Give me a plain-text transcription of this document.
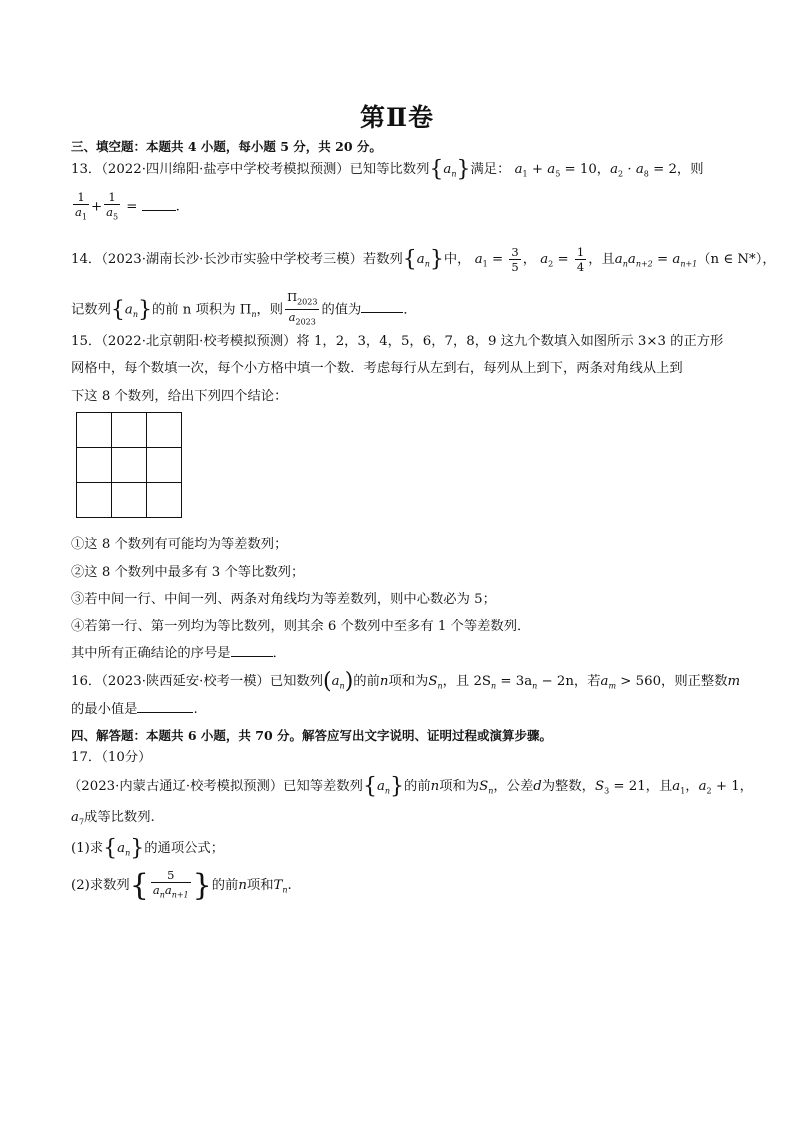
第Ⅱ卷
三、填空题：本题共 4 小题，每小题 5 分，共 20 分。
13．（2022·四川绵阳·盐亭中学校考模拟预测）已知等比数列$\{a_n\}$满足： $a_1 + a_5 = 10$，$a_2 \cdot a_8 = 2$，则
$\frac{1}{a_1} + \frac{1}{a_5}$ =	.
14．（2023·湖南长沙·长沙市实验中学校考三模）若数列$\{a_n\}$中， $a_1 = \frac{3}{5}$ ， $a_2 = \frac{1}{4}$ ，且$a_na_{n+2} = a_{n+1}(n$ ∈ N*），
记数列$\{a_n\}$的前 n 项积为 $\Pi_n$，则 $\frac{\Pi_{2023}}{a_{2023}}$ 的值为	．
15．（2022·北京朝阳·校考模拟预测）将 1，2，3，4，5，6，7，8，9 这九个数填入如图所示 3×3 的正方形
网格中，每个数填一次，每个小方格中填一个数．考虑每行从左到右，每列从上到下，两条对角线从上到
下这 8 个数列，给出下列四个结论：
①这 8 个数列有可能均为等差数列；
②这 8 个数列中最多有 3 个等比数列；
③若中间一行、中间一列、两条对角线均为等差数列，则中心数必为 5；
④若第一行、第一列均为等比数列，则其余 6 个数列中至多有 1 个等差数列．
其中所有正确结论的序号是	．
16．（2023·陕西延安·校考一模）已知数列$(a_n)$的前n项和为$S_n$，且 $2S_n = 3a_n - 2n$，若$a_m > 560$，则正整数m
的最小值是	.
四、解答题：本题共 6 小题，共 70 分。解答应写出文字说明、证明过程或演算步骤。
17．（10分）
（2023·内蒙古通辽·校考模拟预测）已知等差数列$\{a_n\}$的前n项和为$S_n$，公差d为整数，$S_3 = 21$，且$a_1$，$a_2 + 1$，
$a_7$成等比数列.
(1)求$\{a_n\}$的通项公式；
(2)求数列{ $\frac{5}{a_na_{n+1}}$ }的前n项和$T_n$.
